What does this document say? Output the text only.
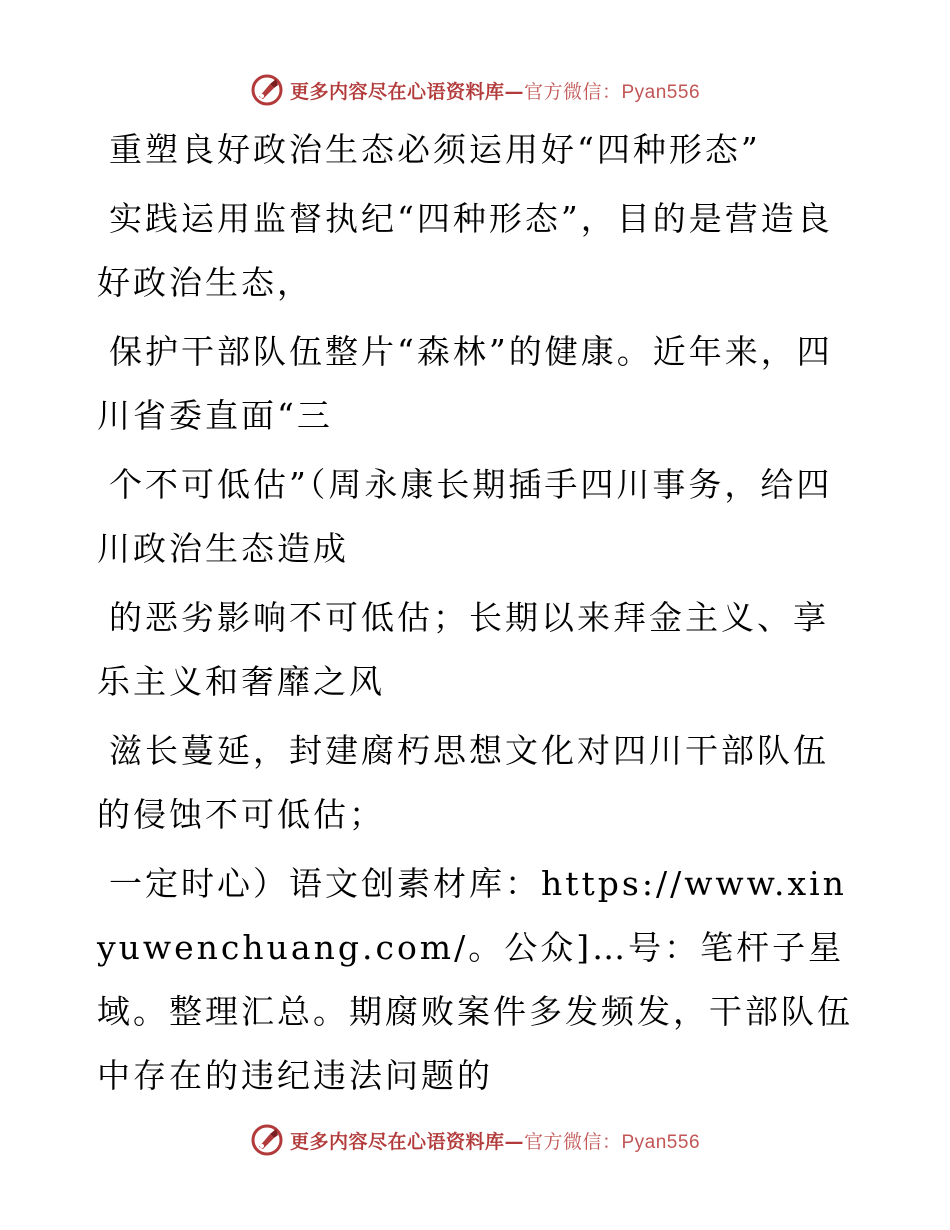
更多内容尽在心语资料库—官方微信：Pyan556

重塑良好政治生态必须运用好“四种形态”

实践运用监督执纪“四种形态”，目的是营造良好政治生态，

保护干部队伍整片“森林”的健康。近年来，四川省委直面“三

个不可低估”（周永康长期插手四川事务，给四川政治生态造成

的恶劣影响不可低估；长期以来拜金主义、享乐主义和奢靡之风

滋长蔓延，封建腐朽思想文化对四川干部队伍的侵蚀不可低估；

一定时心）语文创素材库：https://www.xinyuwenchuang.com/。公众]…号：笔杆子星域。整理汇总。期腐败案件多发频发，干部队伍中存在的违纪违法问题的

更多内容尽在心语资料库—官方微信：Pyan556
